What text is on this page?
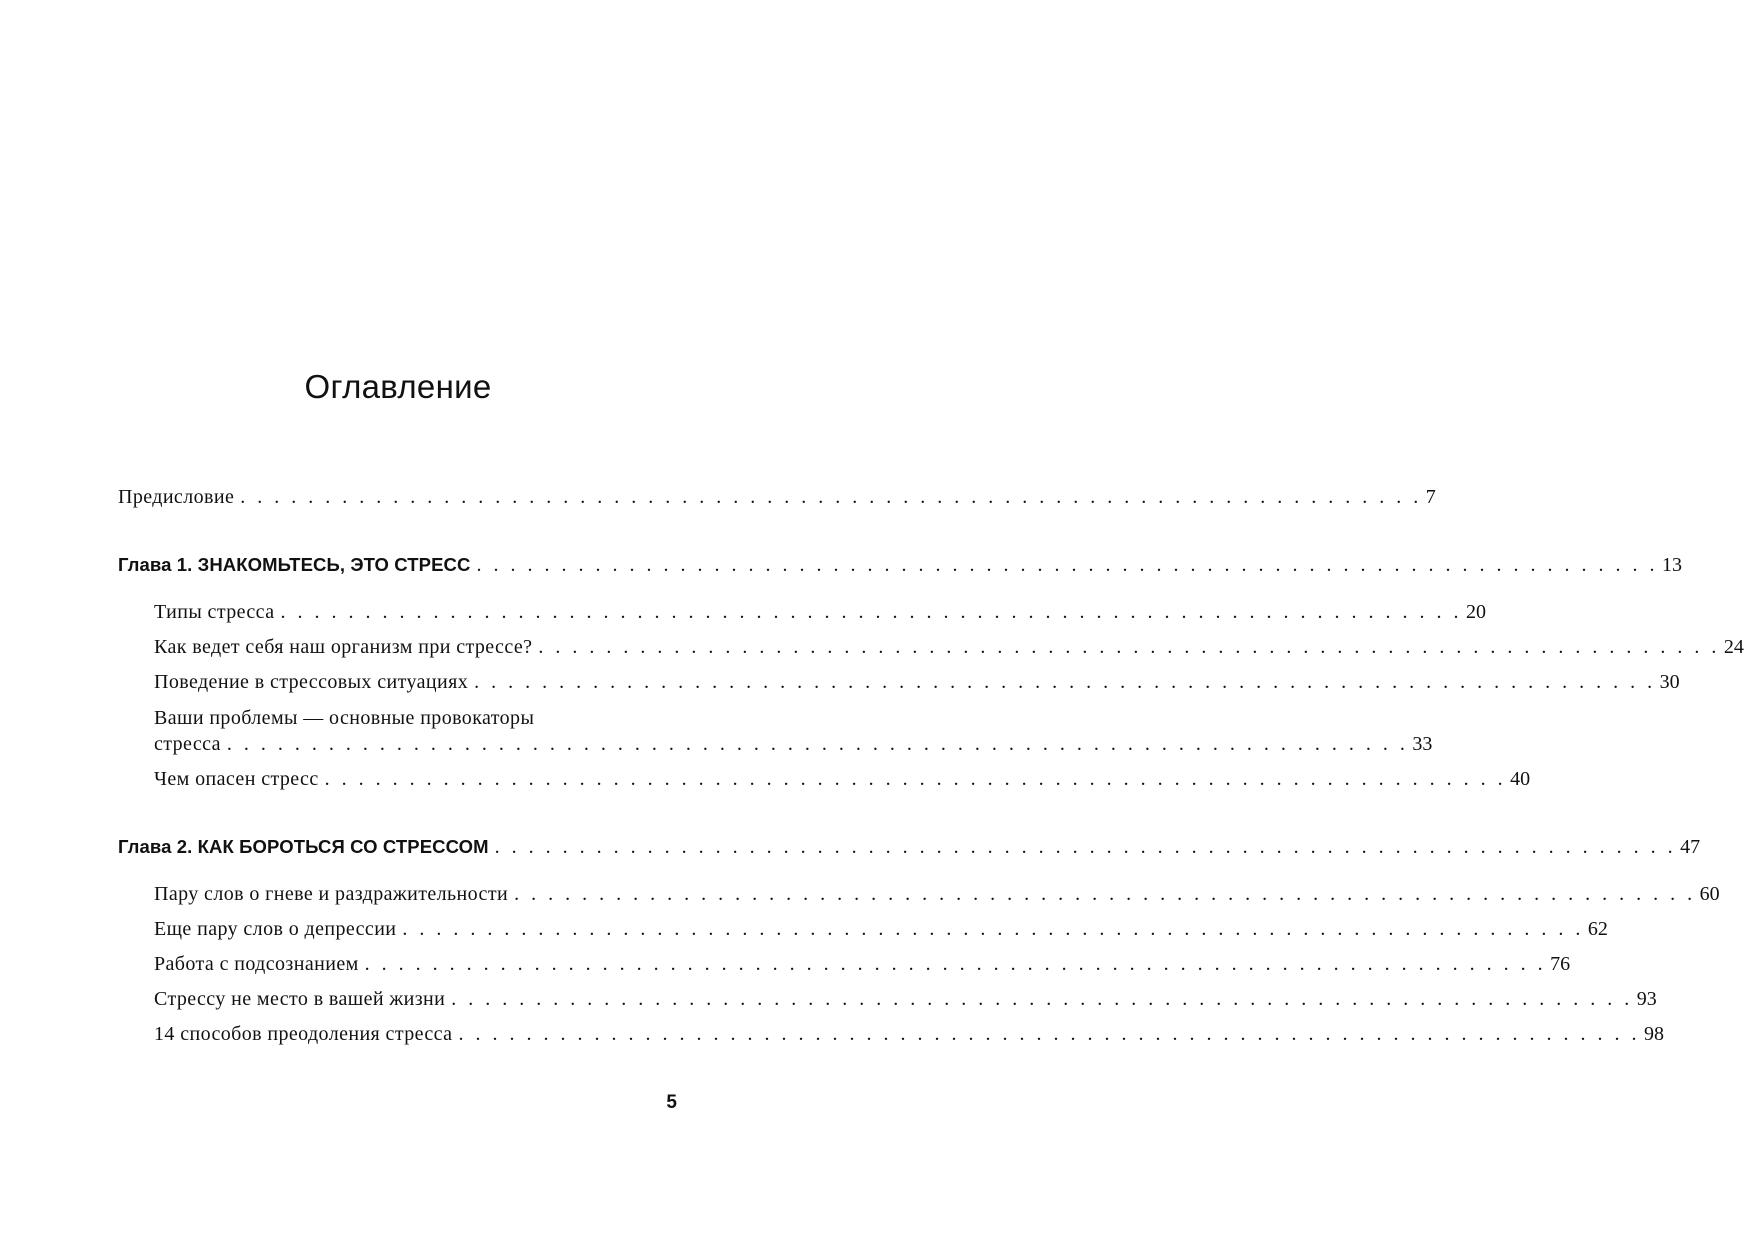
Оглавление
Предисловие . . . . . . . . . . . . . . . . . . . . . . . . . . . . . . . . . . . . . . . . . . . . . . . . . . . . . . . . . . . . . . . . . . . . . . 7
Глава 1. ЗНАКОМЬТЕСЬ, ЭТО СТРЕСС . . . . . . . . . . . . . . . . . . . . . . . . . . . . . . . . . . . . . . . . . . . . . . . . . . . . . . . . . . . . . . . . . . . . . . 13
Типы стресса . . . . . . . . . . . . . . . . . . . . . . . . . . . . . . . . . . . . . . . . . . . . . . . . . . . . . . . . . . . . . . . . . . . . . . 20
Как ведет себя наш организм при стрессе? . . . . . . . . . . . . . . . . . . . . . . . . . . . . . . . . . . . . . . . . . . . . . . . . . . . . . . . . . . . . . . . . . . . . . . 24
Поведение в стрессовых ситуациях . . . . . . . . . . . . . . . . . . . . . . . . . . . . . . . . . . . . . . . . . . . . . . . . . . . . . . . . . . . . . . . . . . . . . . 30
Ваши проблемы — основные провокаторы
стресса . . . . . . . . . . . . . . . . . . . . . . . . . . . . . . . . . . . . . . . . . . . . . . . . . . . . . . . . . . . . . . . . . . . . . . 33
Чем опасен стресс . . . . . . . . . . . . . . . . . . . . . . . . . . . . . . . . . . . . . . . . . . . . . . . . . . . . . . . . . . . . . . . . . . . . . . 40
Глава 2. КАК БОРОТЬСЯ СО СТРЕССОМ . . . . . . . . . . . . . . . . . . . . . . . . . . . . . . . . . . . . . . . . . . . . . . . . . . . . . . . . . . . . . . . . . . . . . . 47
Пару слов о гневе и раздражительности . . . . . . . . . . . . . . . . . . . . . . . . . . . . . . . . . . . . . . . . . . . . . . . . . . . . . . . . . . . . . . . . . . . . . . 60
Еще пару слов о депрессии . . . . . . . . . . . . . . . . . . . . . . . . . . . . . . . . . . . . . . . . . . . . . . . . . . . . . . . . . . . . . . . . . . . . . . 62
Работа с подсознанием . . . . . . . . . . . . . . . . . . . . . . . . . . . . . . . . . . . . . . . . . . . . . . . . . . . . . . . . . . . . . . . . . . . . . . 76
Стрессу не место в вашей жизни . . . . . . . . . . . . . . . . . . . . . . . . . . . . . . . . . . . . . . . . . . . . . . . . . . . . . . . . . . . . . . . . . . . . . . 93
14 способов преодоления стресса . . . . . . . . . . . . . . . . . . . . . . . . . . . . . . . . . . . . . . . . . . . . . . . . . . . . . . . . . . . . . . . . . . . . . . 98
5
